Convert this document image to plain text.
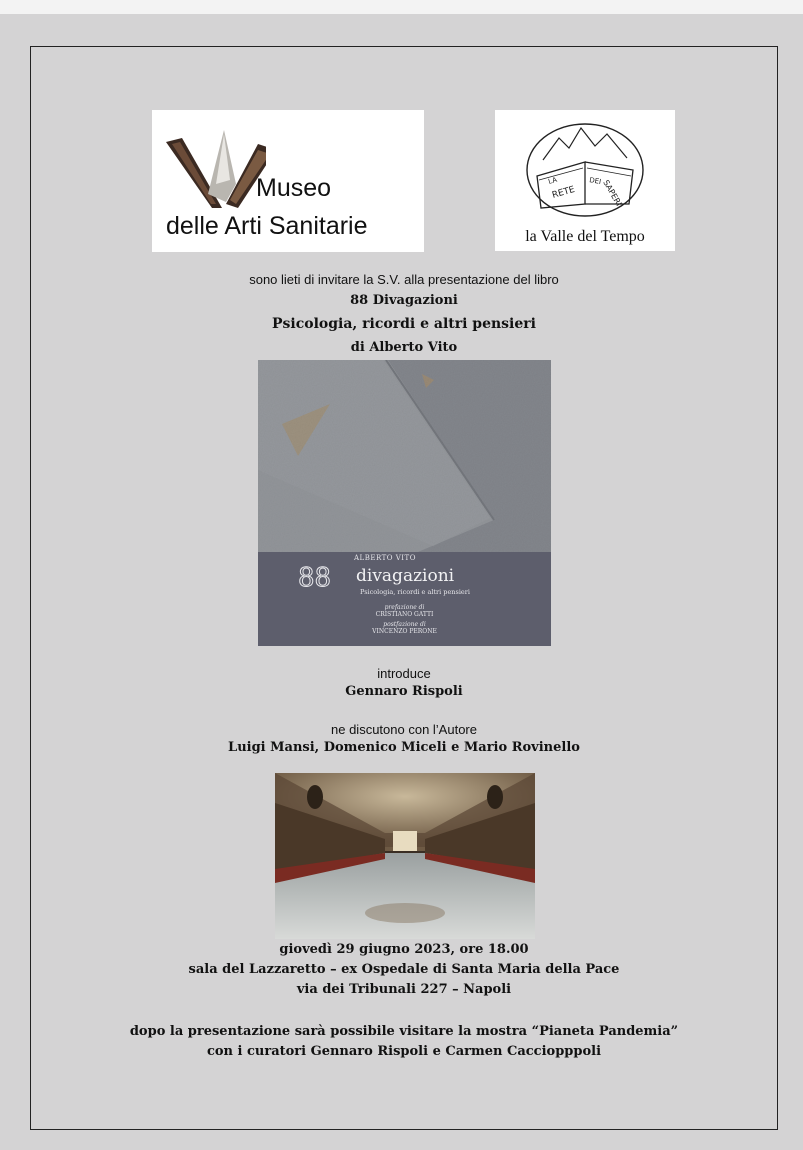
Museo
delle Arti Sanitarie
LA
RETE
DEI SAPERI
la Valle del Tempo
sono lieti di invitare la S.V. alla presentazione del libro
88 Divagazioni
Psicologia, ricordi e altri pensieri
di Alberto Vito
ALBERTO VITO
88 divagazioni
Psicologia, ricordi e altri pensieri
prefazione di
CRISTIANO GATTI
postfazione di
VINCENZO PERONE
introduce
Gennaro Rispoli
ne discutono con l’Autore
Luigi Mansi, Domenico Miceli e Mario Rovinello
giovedì 29 giugno 2023, ore 18.00
sala del Lazzaretto – ex Ospedale di Santa Maria della Pace
via dei Tribunali 227 – Napoli
dopo la presentazione sarà possibile visitare la mostra “Pianeta Pandemia”
con i curatori Gennaro Rispoli e Carmen Cacciopppoli
